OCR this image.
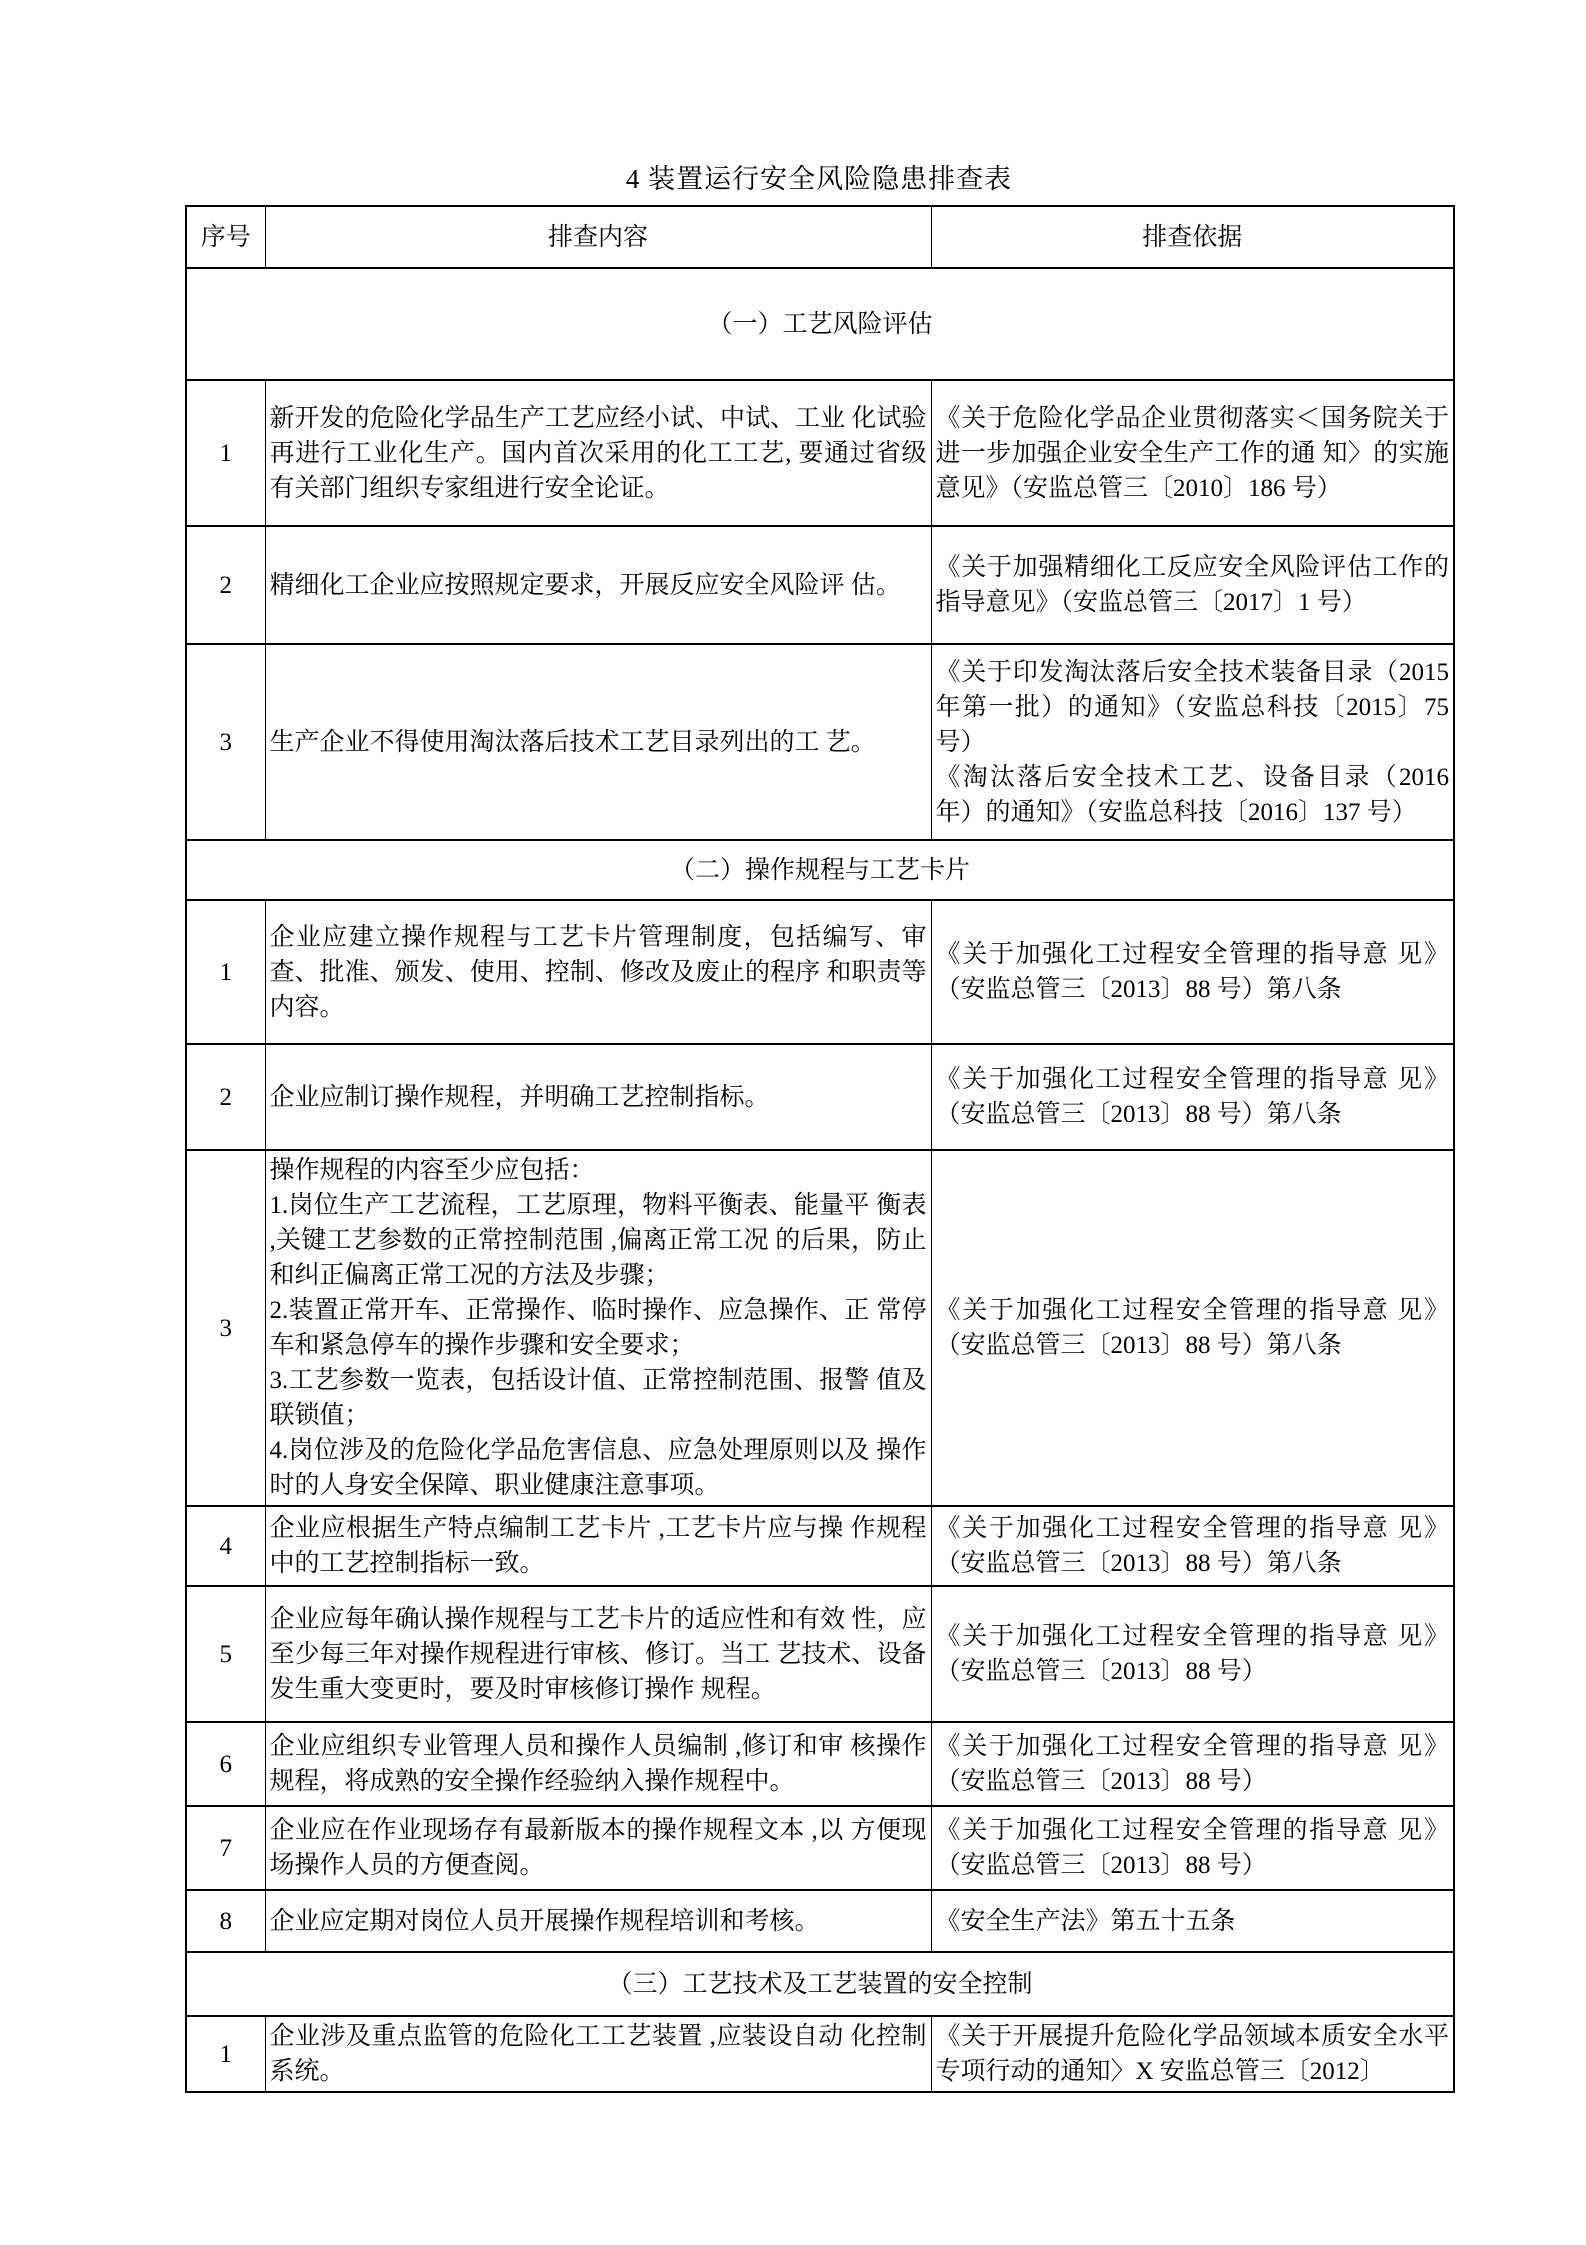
4 装置运行安全风险隐患排查表
序号	排查内容	排查依据
（一）工艺风险评估		
1	新开发的危险化学品生产工艺应经小试、中试、工业 化试验再进行工业化生产。国内首次采用的化工工艺, 要通过省级有关部门组织专家组进行安全论证。	《关于危险化学品企业贯彻落实＜国务院关于进一步加强企业安全生产工作的通 知〉的实施意见》（安监总管三〔2010〕186 号）

2	精细化工企业应按照规定要求，开展反应安全风险评 估。	《关于加强精细化工反应安全风险评估工作的指导意见》（安监总管三〔2017〕1 号）

3	生产企业不得使用淘汰落后技术工艺目录列出的工 艺。	《关于印发淘汰落后安全技术装备目录（2015 年第一批）的通知》（安监总科技〔2015〕75 号）

《淘汰落后安全技术工艺、设备目录（2016 年）的通知》（安监总科技〔2016〕137 号）

（二）操作规程与工艺卡片		
1	企业应建立操作规程与工艺卡片管理制度，包括编写、审查、批准、颁发、使用、控制、修改及废止的程序 和职责等内容。	《关于加强化工过程安全管理的指导意 见》（安监总管三〔2013〕88 号）第八条

2	企业应制订操作规程，并明确工艺控制指标。	《关于加强化工过程安全管理的指导意 见》（安监总管三〔2013〕88 号）第八条

3	操作规程的内容至少应包括：

1.岗位生产工艺流程，工艺原理，物料平衡表、能量平 衡表 ,关键工艺参数的正常控制范围 ,偏离正常工况 的后果，防止和纠正偏离正常工况的方法及步骤；

2.装置正常开车、正常操作、临时操作、应急操作、正 常停车和紧急停车的操作步骤和安全要求；

3.工艺参数一览表，包括设计值、正常控制范围、报警 值及联锁值；

4.岗位涉及的危险化学品危害信息、应急处理原则以及 操作时的人身安全保障、职业健康注意事项。	《关于加强化工过程安全管理的指导意 见》（安监总管三〔2013〕88 号）第八条

4	企业应根据生产特点编制工艺卡片 ,工艺卡片应与操 作规程中的工艺控制指标一致。	《关于加强化工过程安全管理的指导意 见》（安监总管三〔2013〕88 号）第八条

5	企业应每年确认操作规程与工艺卡片的适应性和有效 性，应至少每三年对操作规程进行审核、修订。当工 艺技术、设备发生重大变更时，要及时审核修订操作 规程。	《关于加强化工过程安全管理的指导意 见》（安监总管三〔2013〕88 号）

6	企业应组织专业管理人员和操作人员编制 ,修订和审 核操作规程，将成熟的安全操作经验纳入操作规程中。	《关于加强化工过程安全管理的指导意 见》（安监总管三〔2013〕88 号）

7	企业应在作业现场存有最新版本的操作规程文本 ,以 方便现场操作人员的方便查阅。	《关于加强化工过程安全管理的指导意 见》（安监总管三〔2013〕88 号）

8	企业应定期对岗位人员开展操作规程培训和考核。	《安全生产法》第五十五条

（三）工艺技术及工艺装置的安全控制		
1	企业涉及重点监管的危险化工工艺装置 ,应装设自动 化控制系统。	《关于开展提升危险化学品领域本质安全水平专项行动的通知〉X 安监总管三〔2012〕
